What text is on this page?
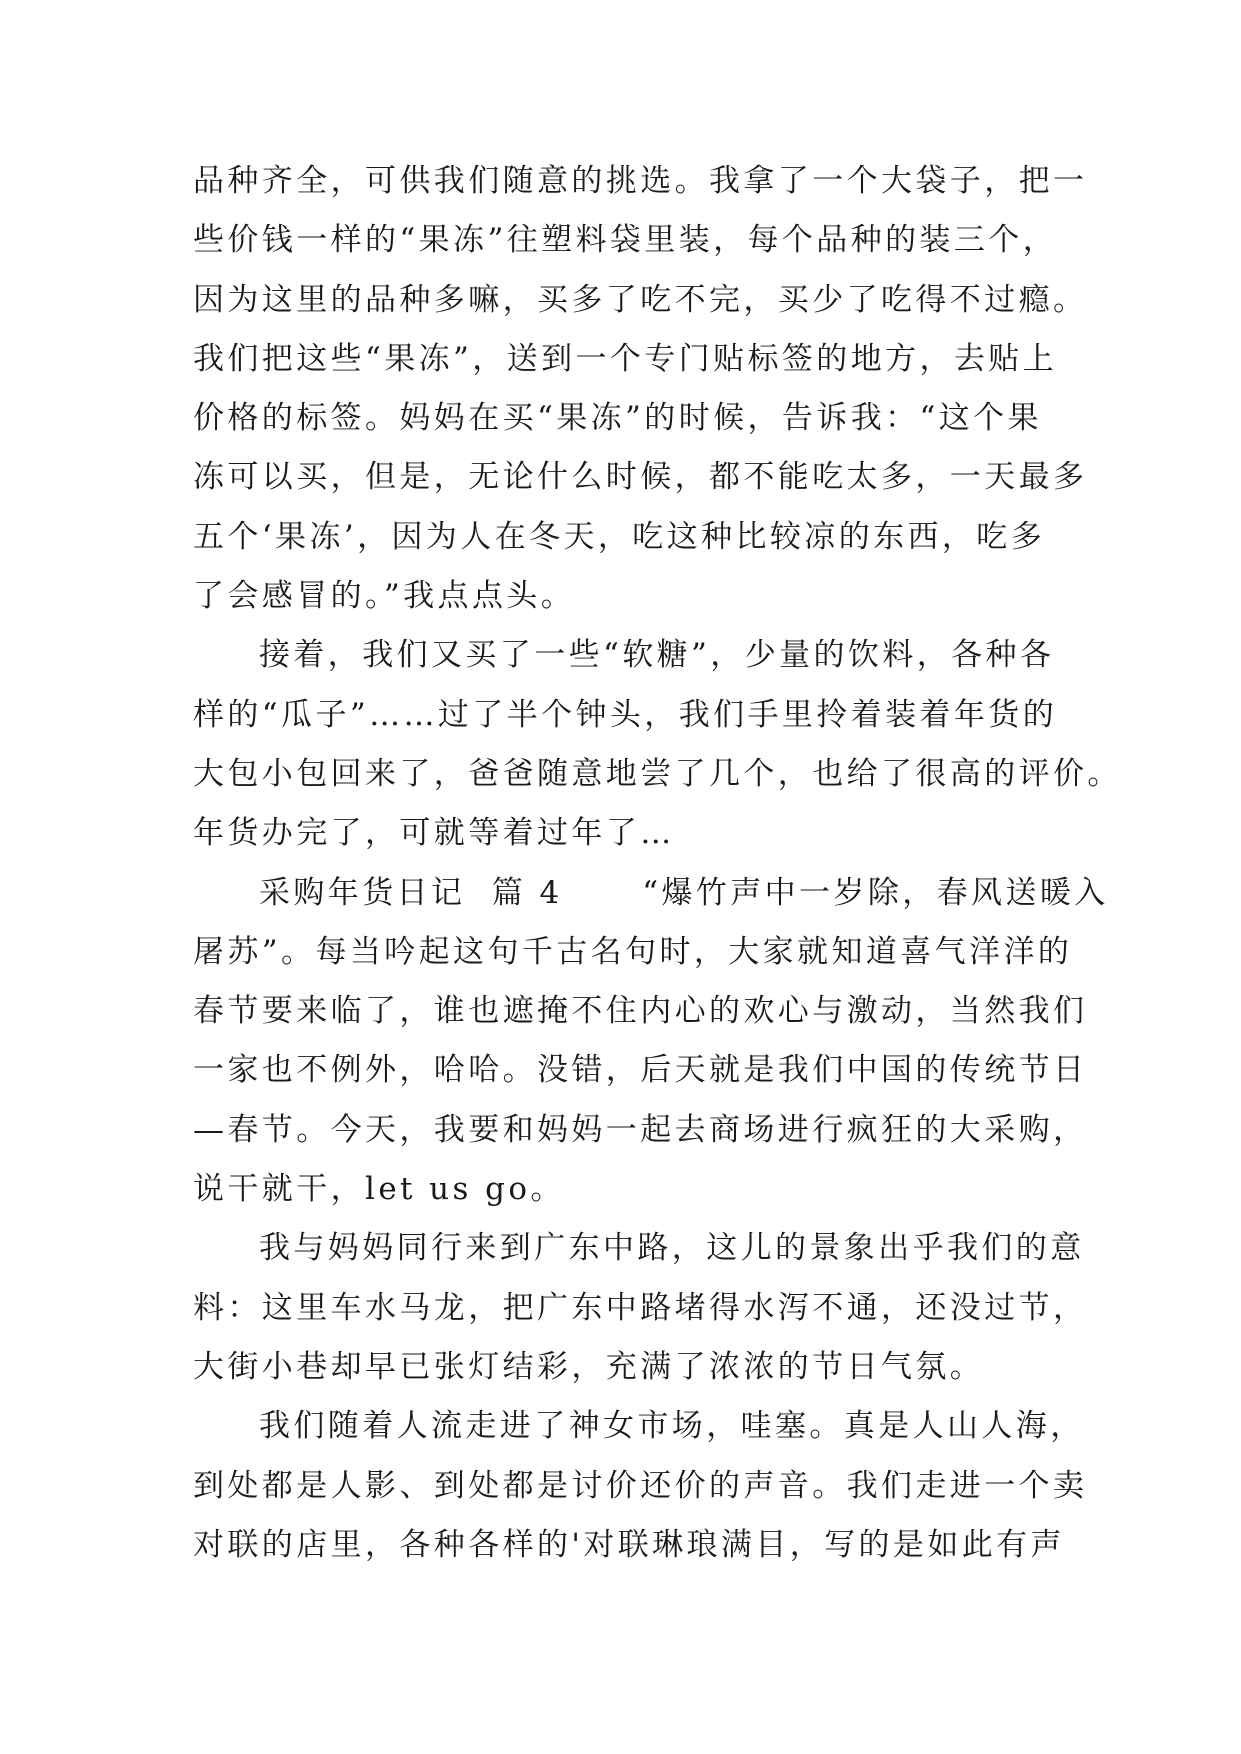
品种齐全，可供我们随意的挑选。我拿了一个大袋子，把一
些价钱一样的“果冻”往塑料袋里装，每个品种的装三个，
因为这里的品种多嘛，买多了吃不完，买少了吃得不过瘾。
我们把这些“果冻”，送到一个专门贴标签的地方，去贴上
价格的标签。妈妈在买“果冻”的时候，告诉我：“这个果
冻可以买，但是，无论什么时候，都不能吃太多，一天最多
五个‘果冻’，因为人在冬天，吃这种比较凉的东西，吃多
了会感冒的。”我点点头。
接着，我们又买了一些“软糖”，少量的饮料，各种各
样的“瓜子”……过了半个钟头，我们手里拎着装着年货的
大包小包回来了，爸爸随意地尝了几个，也给了很高的评价。
年货办完了，可就等着过年了…
采购年货日记  篇 4      “爆竹声中一岁除，春风送暖入
屠苏”。每当吟起这句千古名句时，大家就知道喜气洋洋的
春节要来临了，谁也遮掩不住内心的欢心与激动，当然我们
一家也不例外，哈哈。没错，后天就是我们中国的传统节日
—春节。今天，我要和妈妈一起去商场进行疯狂的大采购，
说干就干，let us go。
我与妈妈同行来到广东中路，这儿的景象出乎我们的意
料：这里车水马龙，把广东中路堵得水泻不通，还没过节，
大街小巷却早已张灯结彩，充满了浓浓的节日气氛。
我们随着人流走进了神女市场，哇塞。真是人山人海，
到处都是人影、到处都是讨价还价的声音。我们走进一个卖
对联的店里，各种各样的'对联琳琅满目，写的是如此有声
